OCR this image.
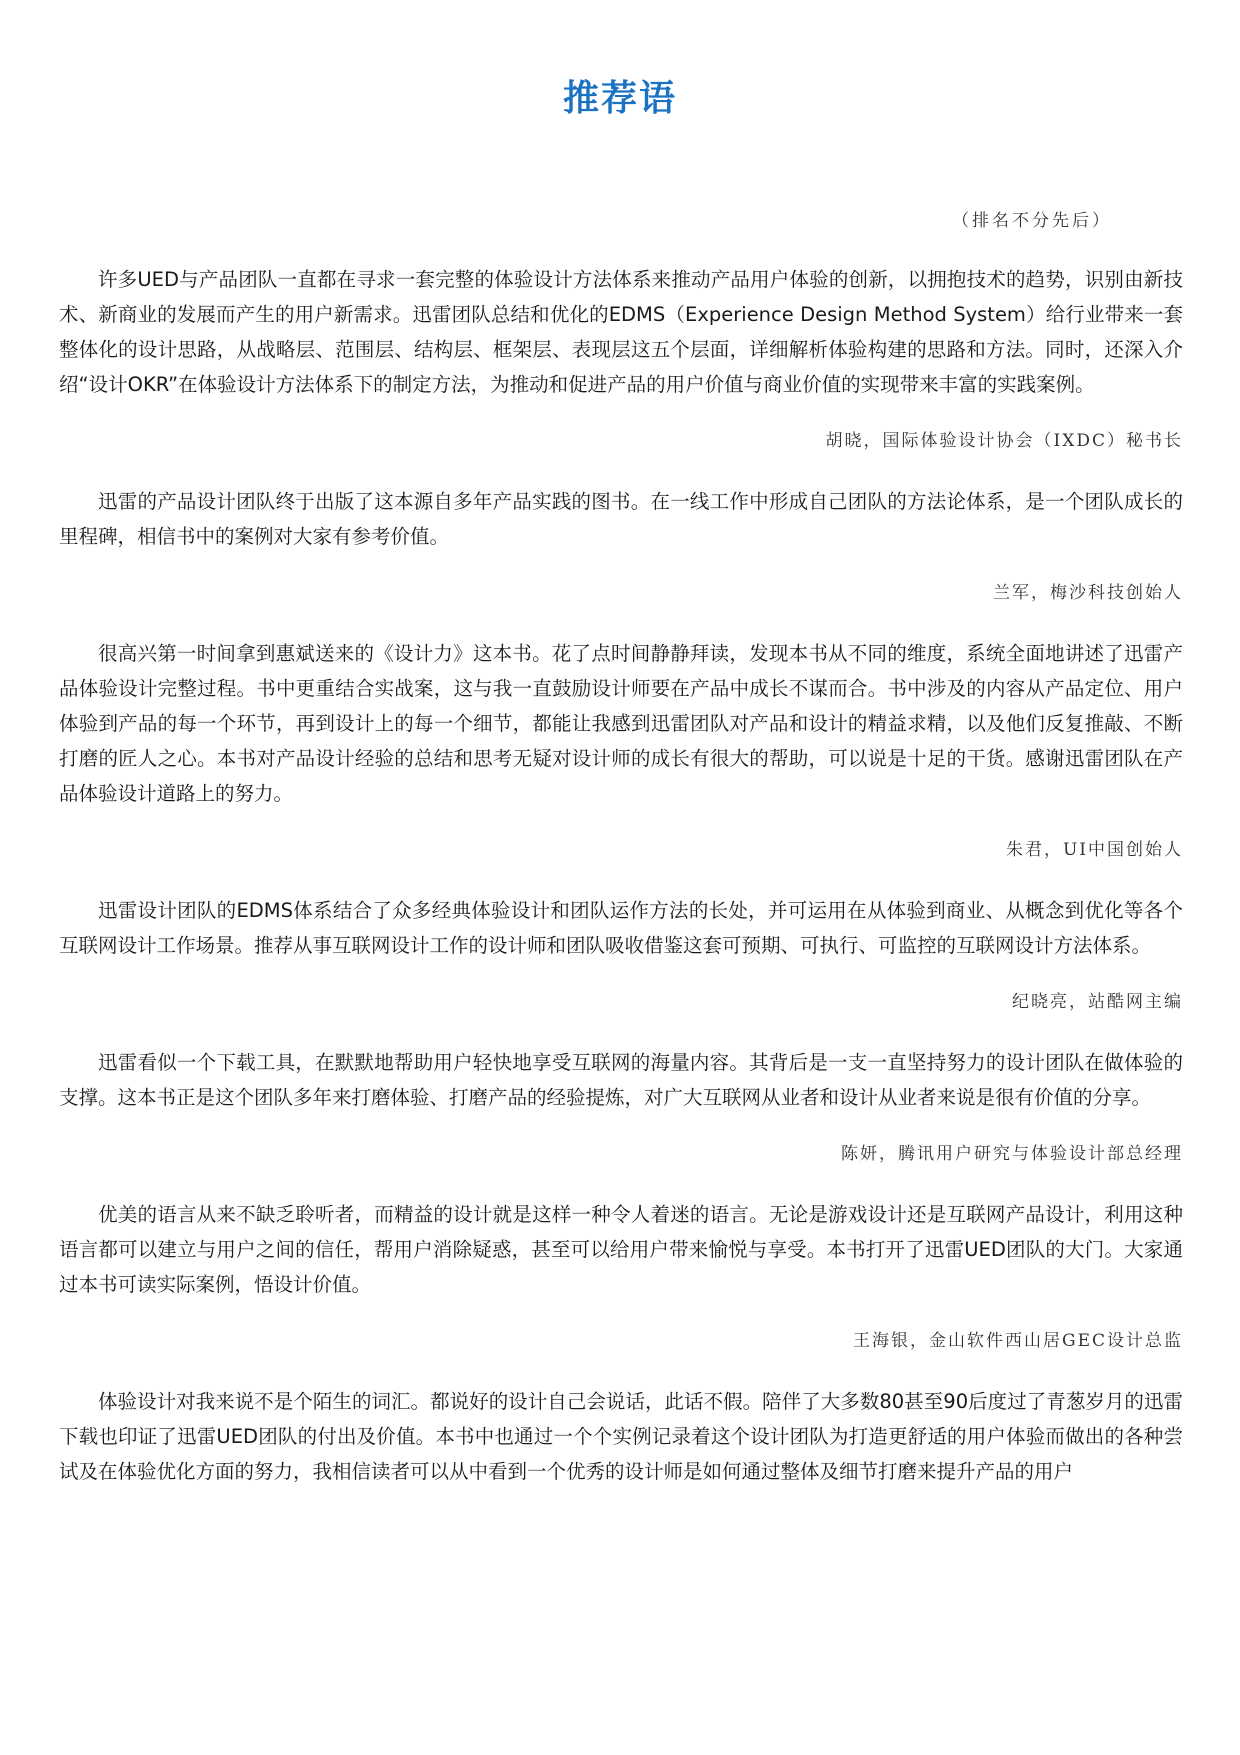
推荐语
（排名不分先后）

许多UED与产品团队一直都在寻求一套完整的体验设计方法体系来推动产品用户体验的创新，以拥抱技术的趋势，识别由新技术、新商业的发展而产生的用户新需求。迅雷团队总结和优化的EDMS（Experience Design Method System）给行业带来一套整体化的设计思路，从战略层、范围层、结构层、框架层、表现层这五个层面，详细解析体验构建的思路和方法。同时，还深入介绍“设计OKR”在体验设计方法体系下的制定方法，为推动和促进产品的用户价值与商业价值的实现带来丰富的实践案例。

胡晓，国际体验设计协会（IXDC）秘书长

迅雷的产品设计团队终于出版了这本源自多年产品实践的图书。在一线工作中形成自己团队的方法论体系，是一个团队成长的里程碑，相信书中的案例对大家有参考价值。

兰军，梅沙科技创始人

很高兴第一时间拿到惠斌送来的《设计力》这本书。花了点时间静静拜读，发现本书从不同的维度，系统全面地讲述了迅雷产品体验设计完整过程。书中更重结合实战案，这与我一直鼓励设计师要在产品中成长不谋而合。书中涉及的内容从产品定位、用户体验到产品的每一个环节，再到设计上的每一个细节，都能让我感到迅雷团队对产品和设计的精益求精，以及他们反复推敲、不断打磨的匠人之心。本书对产品设计经验的总结和思考无疑对设计师的成长有很大的帮助，可以说是十足的干货。感谢迅雷团队在产品体验设计道路上的努力。

朱君，UI中国创始人

迅雷设计团队的EDMS体系结合了众多经典体验设计和团队运作方法的长处，并可运用在从体验到商业、从概念到优化等各个互联网设计工作场景。推荐从事互联网设计工作的设计师和团队吸收借鉴这套可预期、可执行、可监控的互联网设计方法体系。

纪晓亮，站酷网主编

迅雷看似一个下载工具，在默默地帮助用户轻快地享受互联网的海量内容。其背后是一支一直坚持努力的设计团队在做体验的支撑。这本书正是这个团队多年来打磨体验、打磨产品的经验提炼，对广大互联网从业者和设计从业者来说是很有价值的分享。

陈妍，腾讯用户研究与体验设计部总经理

优美的语言从来不缺乏聆听者，而精益的设计就是这样一种令人着迷的语言。无论是游戏设计还是互联网产品设计，利用这种语言都可以建立与用户之间的信任，帮用户消除疑惑，甚至可以给用户带来愉悦与享受。本书打开了迅雷UED团队的大门。大家通过本书可读实际案例，悟设计价值。

王海银，金山软件西山居GEC设计总监

体验设计对我来说不是个陌生的词汇。都说好的设计自己会说话，此话不假。陪伴了大多数80甚至90后度过了青葱岁月的迅雷下载也印证了迅雷UED团队的付出及价值。本书中也通过一个个实例记录着这个设计团队为打造更舒适的用户体验而做出的各种尝试及在体验优化方面的努力，我相信读者可以从中看到一个优秀的设计师是如何通过整体及细节打磨来提升产品的用户
